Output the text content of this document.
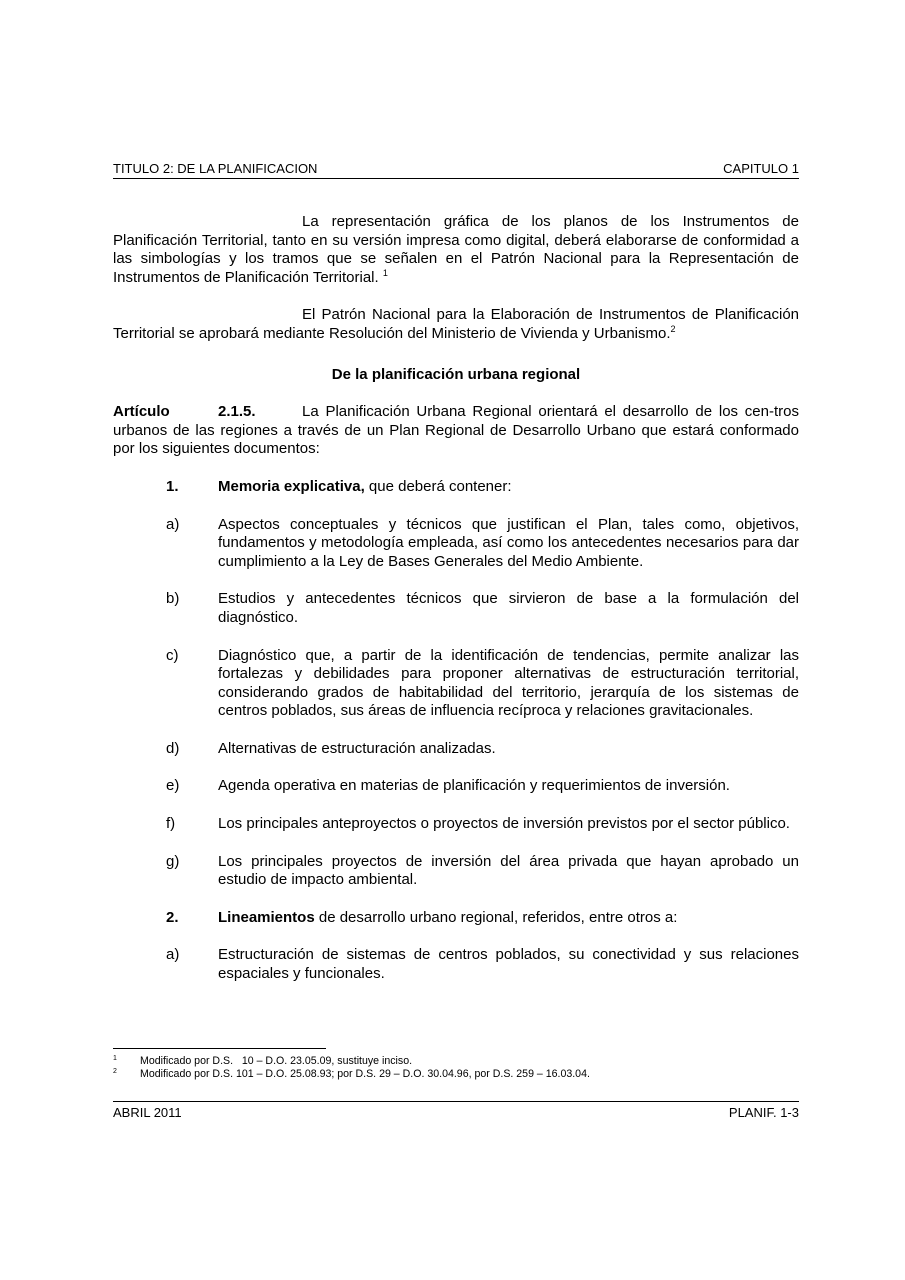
TITULO 2: DE LA PLANIFICACION	CAPITULO 1

La representación gráfica de los planos de los Instrumentos de Planificación Territorial, tanto en su versión impresa como digital, deberá elaborarse de conformidad a las simbologías y los tramos que se señalen en el Patrón Nacional para la Representación de Instrumentos de Planificación Territorial. $^1$

El Patrón Nacional para la Elaboración de Instrumentos de Planificación Territorial se aprobará mediante Resolución del Ministerio de Vivienda y Urbanismo.$^2$

De la planificación urbana regional

Artículo	2.1.5.	La Planificación Urbana Regional orientará el desarrollo de los cen-tros urbanos de las regiones a través de un Plan Regional de Desarrollo Urbano que estará conformado por los siguientes documentos:

1.	Memoria explicativa, que deberá contener:
a)	Aspectos conceptuales y técnicos que justifican el Plan, tales como, objetivos, fundamentos y metodología empleada, así como los antecedentes necesarios para dar cumplimiento a la Ley de Bases Generales del Medio Ambiente.
b)	Estudios y antecedentes técnicos que sirvieron de base a la formulación del diagnóstico.
c)	Diagnóstico que, a partir de la identificación de tendencias, permite analizar las fortalezas y debilidades para proponer alternativas de estructuración territorial, considerando grados de habitabilidad del territorio, jerarquía de los sistemas de centros poblados, sus áreas de influencia recíproca y relaciones gravitacionales.
d)	Alternativas de estructuración analizadas.
e)	Agenda operativa en materias de planificación y requerimientos de inversión.
f)	Los principales anteproyectos o proyectos de inversión previstos por el sector público.
g)	Los principales proyectos de inversión del área privada que hayan aprobado un estudio de impacto ambiental.
2.	Lineamientos de desarrollo urbano regional, referidos, entre otros a:
a)	Estructuración de sistemas de centros poblados, su conectividad y sus relaciones espaciales y funcionales.
1 Modificado por D.S.   10 – D.O. 23.05.09, sustituye inciso.
2 Modificado por D.S. 101 – D.O. 25.08.93; por D.S. 29 – D.O. 30.04.96, por D.S. 259 – 16.03.04.
ABRIL 2011	PLANIF. 1-3
